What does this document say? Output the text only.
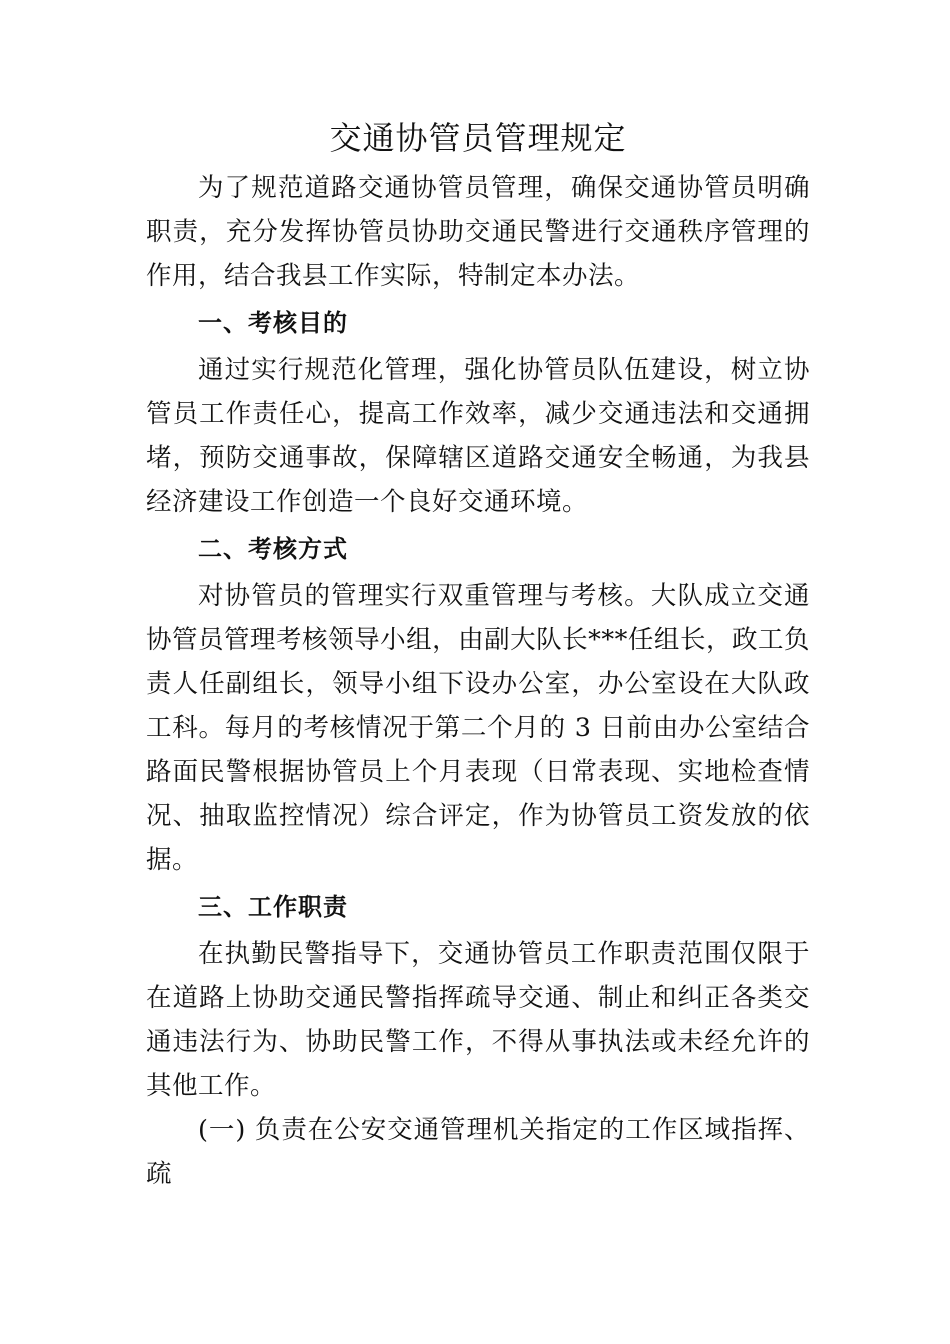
交通协管员管理规定

为了规范道路交通协管员管理，确保交通协管员明确职责，充分发挥协管员协助交通民警进行交通秩序管理的作用，结合我县工作实际，特制定本办法。

一、考核目的

通过实行规范化管理，强化协管员队伍建设，树立协管员工作责任心，提高工作效率，减少交通违法和交通拥堵，预防交通事故，保障辖区道路交通安全畅通，为我县经济建设工作创造一个良好交通环境。

二、考核方式

对协管员的管理实行双重管理与考核。大队成立交通协管员管理考核领导小组，由副大队长***任组长，政工负责人任副组长，领导小组下设办公室，办公室设在大队政工科。每月的考核情况于第二个月的 3 日前由办公室结合路面民警根据协管员上个月表现（日常表现、实地检查情况、抽取监控情况）综合评定，作为协管员工资发放的依据。

三、工作职责

在执勤民警指导下，交通协管员工作职责范围仅限于在道路上协助交通民警指挥疏导交通、制止和纠正各类交通违法行为、协助民警工作，不得从事执法或未经允许的其他工作。

(一) 负责在公安交通管理机关指定的工作区域指挥、疏
